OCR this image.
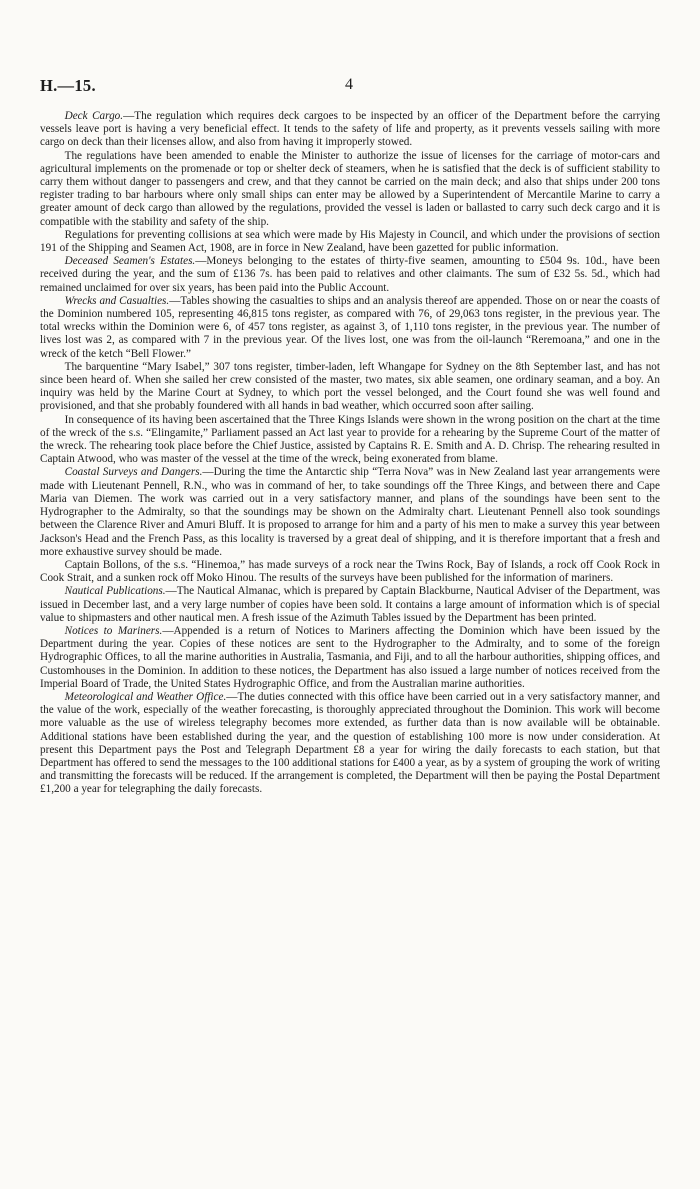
H.—15.	4

Deck Cargo.—The regulation which requires deck cargoes to be inspected by an officer of the Department before the carrying vessels leave port is having a very beneficial effect. It tends to the safety of life and property, as it prevents vessels sailing with more cargo on deck than their licenses allow, and also from having it improperly stowed.

The regulations have been amended to enable the Minister to authorize the issue of licenses for the carriage of motor-cars and agricultural implements on the promenade or top or shelter deck of steamers, when he is satisfied that the deck is of sufficient stability to carry them without danger to passengers and crew, and that they cannot be carried on the main deck; and also that ships under 200 tons register trading to bar harbours where only small ships can enter may be allowed by a Superintendent of Mercantile Marine to carry a greater amount of deck cargo than allowed by the regulations, provided the vessel is laden or ballasted to carry such deck cargo and it is compatible with the stability and safety of the ship.

Regulations for preventing collisions at sea which were made by His Majesty in Council, and which under the provisions of section 191 of the Shipping and Seamen Act, 1908, are in force in New Zealand, have been gazetted for public information.

Deceased Seamen's Estates.—Moneys belonging to the estates of thirty-five seamen, amounting to £504 9s. 10d., have been received during the year, and the sum of £136 7s. has been paid to relatives and other claimants. The sum of £32 5s. 5d., which had remained unclaimed for over six years, has been paid into the Public Account.

Wrecks and Casualties.—Tables showing the casualties to ships and an analysis thereof are appended. Those on or near the coasts of the Dominion numbered 105, representing 46,815 tons register, as compared with 76, of 29,063 tons register, in the previous year. The total wrecks within the Dominion were 6, of 457 tons register, as against 3, of 1,110 tons register, in the previous year. The number of lives lost was 2, as compared with 7 in the previous year. Of the lives lost, one was from the oil-launch “Reremoana,” and one in the wreck of the ketch “Bell Flower.”

The barquentine “Mary Isabel,” 307 tons register, timber-laden, left Whangape for Sydney on the 8th September last, and has not since been heard of. When she sailed her crew consisted of the master, two mates, six able seamen, one ordinary seaman, and a boy. An inquiry was held by the Marine Court at Sydney, to which port the vessel belonged, and the Court found she was well found and provisioned, and that she probably foundered with all hands in bad weather, which occurred soon after sailing.

In consequence of its having been ascertained that the Three Kings Islands were shown in the wrong position on the chart at the time of the wreck of the s.s. “Elingamite,” Parliament passed an Act last year to provide for a rehearing by the Supreme Court of the matter of the wreck. The rehearing took place before the Chief Justice, assisted by Captains R. E. Smith and A. D. Chrisp. The rehearing resulted in Captain Atwood, who was master of the vessel at the time of the wreck, being exonerated from blame.

Coastal Surveys and Dangers.—During the time the Antarctic ship “Terra Nova” was in New Zealand last year arrangements were made with Lieutenant Pennell, R.N., who was in command of her, to take soundings off the Three Kings, and between there and Cape Maria van Diemen. The work was carried out in a very satisfactory manner, and plans of the soundings have been sent to the Hydrographer to the Admiralty, so that the soundings may be shown on the Admiralty chart. Lieutenant Pennell also took soundings between the Clarence River and Amuri Bluff. It is proposed to arrange for him and a party of his men to make a survey this year between Jackson's Head and the French Pass, as this locality is traversed by a great deal of shipping, and it is therefore important that a fresh and more exhaustive survey should be made.

Captain Bollons, of the s.s. “Hinemoa,” has made surveys of a rock near the Twins Rock, Bay of Islands, a rock off Cook Rock in Cook Strait, and a sunken rock off Moko Hinou. The results of the surveys have been published for the information of mariners.

Nautical Publications.—The Nautical Almanac, which is prepared by Captain Blackburne, Nautical Adviser of the Department, was issued in December last, and a very large number of copies have been sold. It contains a large amount of information which is of special value to shipmasters and other nautical men. A fresh issue of the Azimuth Tables issued by the Department has been printed.

Notices to Mariners.—Appended is a return of Notices to Mariners affecting the Dominion which have been issued by the Department during the year. Copies of these notices are sent to the Hydrographer to the Admiralty, and to some of the foreign Hydrographic Offices, to all the marine authorities in Australia, Tasmania, and Fiji, and to all the harbour authorities, shipping offices, and Customhouses in the Dominion. In addition to these notices, the Department has also issued a large number of notices received from the Imperial Board of Trade, the United States Hydrographic Office, and from the Australian marine authorities.

Meteorological and Weather Office.—The duties connected with this office have been carried out in a very satisfactory manner, and the value of the work, especially of the weather forecasting, is thoroughly appreciated throughout the Dominion. This work will become more valuable as the use of wireless telegraphy becomes more extended, as further data than is now available will be obtainable. Additional stations have been established during the year, and the question of establishing 100 more is now under consideration. At present this Department pays the Post and Telegraph Department £8 a year for wiring the daily forecasts to each station, but that Department has offered to send the messages to the 100 additional stations for £400 a year, as by a system of grouping the work of writing and transmitting the forecasts will be reduced. If the arrangement is completed, the Department will then be paying the Postal Department £1,200 a year for telegraphing the daily forecasts.
